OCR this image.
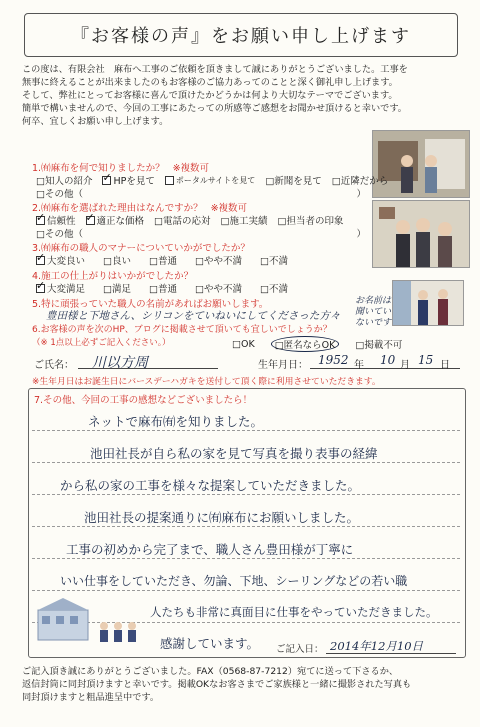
『お客様の声』をお願い申し上げます
この度は、有限会社　麻布へ工事のご依頼を頂きまして誠にありがとうございました。工事を
無事に終えることが出来ましたのもお客様のご協力あってのことと深く御礼申し上げます。
そして、弊社にとってお客様に喜んで頂けたかどうかは何より大切なテーマでございます。
簡単で構いませんので、今回の工事にあたっての所感等ご感想をお聞かせ頂けると幸いです。
何卒、宜しくお願い申し上げます。
1.㈲麻布を何で知りましたか？ ※複数可
□知人の紹介 ✓ HPを見て	ポータルサイトを見て □新聞を見て □近隣だから
□その他（	）
2.㈲麻布を選ばれた理由はなんですか？ ※複数可
✓
信頼性 ✓ 適正な価格 □電話の応対 □施工実績 □担当者の印象
□その他（	）
3.㈲麻布の職人のマナーについていかがでしたか？
✓
大変良い □良い □普通 □やや不満 □不満
4.施工の仕上がりはいかがでしたか？
✓
大変満足 □満足 □普通 □やや不満 □不満
5.特に頑張っていた職人の名前があればお願いします。
豊田様と下地さん、シリコンをていねいにしてくださった方々
お名前は 聞いていないです
6.お客様の声を次のHP、ブログに掲載させて頂いても宜しいでしょうか？
（※ 1点以上必ずご記入ください。）	□OK	□匿名ならOK	□掲載不可
ご氏名： 川以方周	生年月日： 1952 年 10 月 15 日
※生年月日はお誕生日にバースデーハガキを送付して頂く際に利用させていただきます。
7.その他、今回の工事の感想などございましたら！
ネットで麻布㈲を知りました。
池田社長が自ら私の家を見て写真を撮り表事の経緯
から私の家の工事を様々な提案していただきました。
池田社長の提案通りに㈲麻布にお願いしました。
工事の初めから完了まで、職人さん豊田様が丁寧に
いい仕事をしていただき、勿論、下地、シーリングなどの若い職
人たちも非常に真面目に仕事をやっていただきました。
感謝しています。 ご記入日： 2014年12月10日
ご記入頂き誠にありがとうございました。FAX（0568-87-7212）宛てに送って下さるか、
返信封筒に同封頂けますと幸いです。掲載OKなお客さまでご家族様と一緒に撮影された写真も
同封頂けますと粗品進呈中です。
